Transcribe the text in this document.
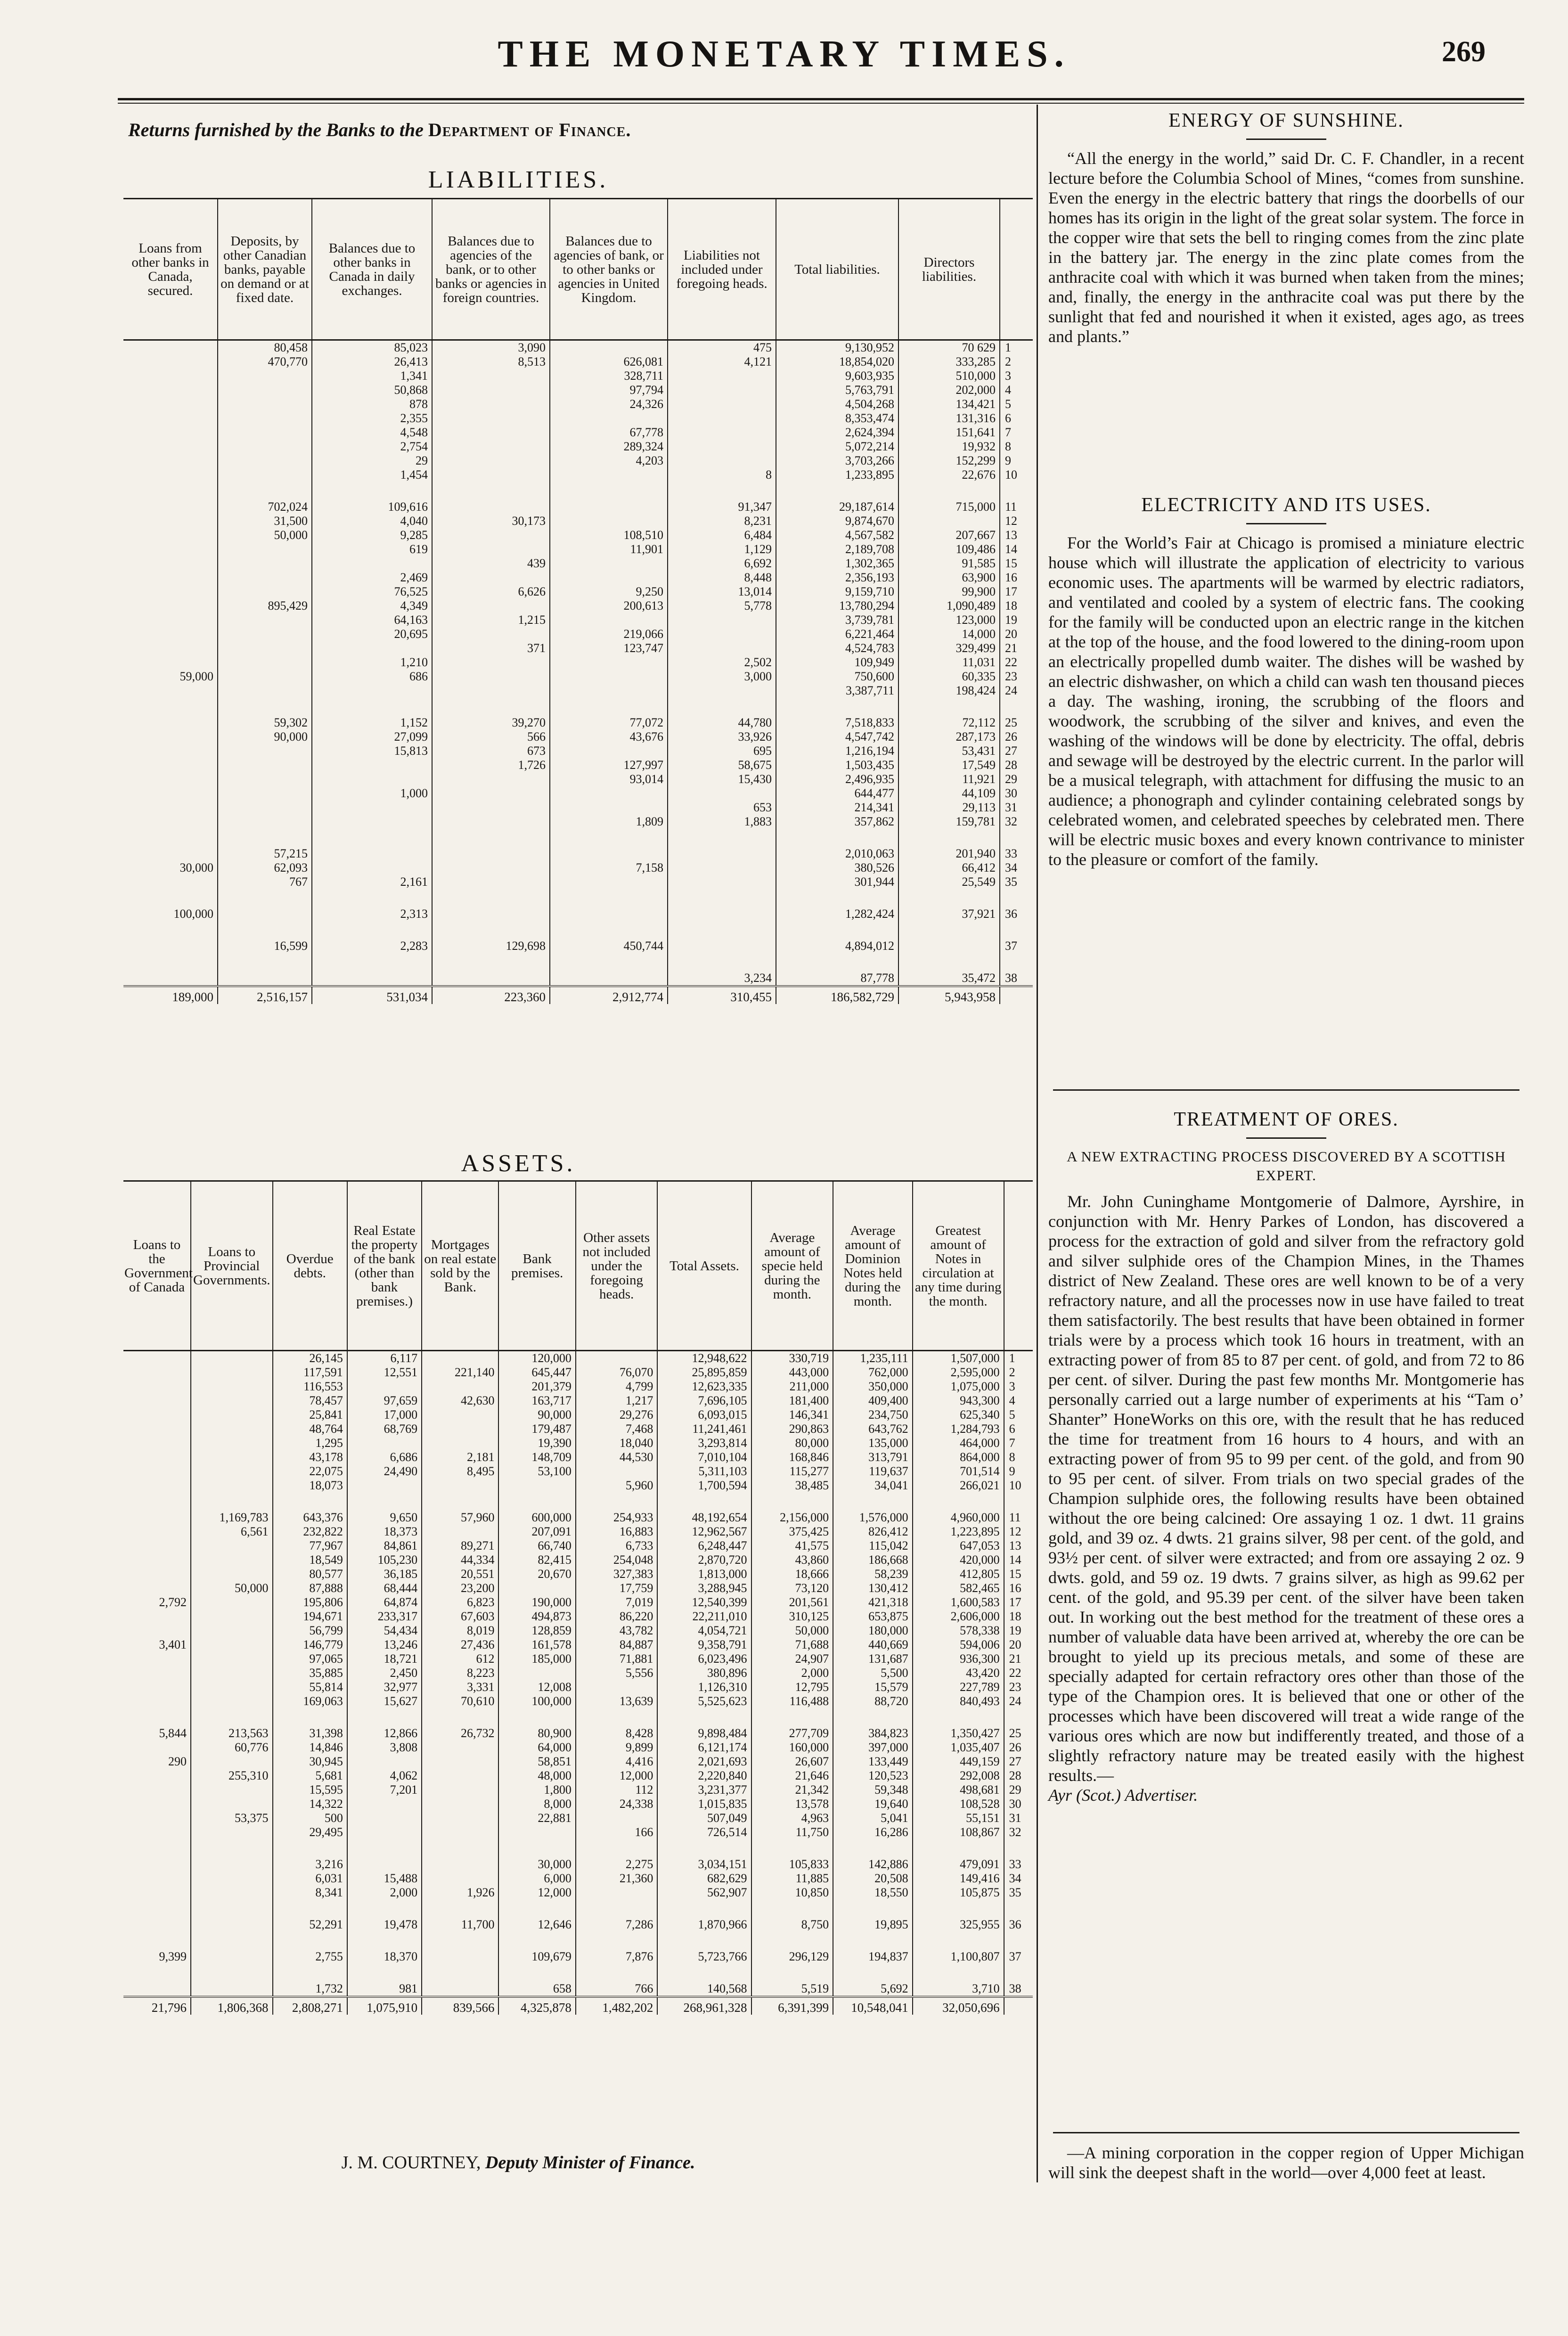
THE MONETARY TIMES.	269
Returns furnished by the Banks to the Department of Finance.
LIABILITIES.
Loans from other banks in Canada, secured.	Deposits, by other Canadian banks, payable on demand or at fixed date.	Balances due to other banks in Canada in daily exchanges.	Balances due to agencies of the bank, or to other banks or agencies in foreign countries.	Balances due to agencies of bank, or to other banks or agencies in United Kingdom.	Liabilities not included under foregoing heads.	Total liabilities.	Directors liabilities.	
	80,458	85,023	3,090		475	9,130,952	70 629	1
	470,770	26,413	8,513	626,081	4,121	18,854,020	333,285	2
		1,341		328,711		9,603,935	510,000	3
		50,868		97,794		5,763,791	202,000	4
		878		24,326		4,504,268	134,421	5
		2,355				8,353,474	131,316	6
		4,548		67,778		2,624,394	151,641	7
		2,754		289,324		5,072,214	19,932	8
		29		4,203		3,703,266	152,299	9
		1,454			8	1,233,895	22,676	10

	702,024	109,616			91,347	29,187,614	715,000	11
	31,500	4,040	30,173		8,231	9,874,670		12
	50,000	9,285		108,510	6,484	4,567,582	207,667	13
		619		11,901	1,129	2,189,708	109,486	14
			439		6,692	1,302,365	91,585	15
		2,469			8,448	2,356,193	63,900	16
		76,525	6,626	9,250	13,014	9,159,710	99,900	17
	895,429	4,349		200,613	5,778	13,780,294	1,090,489	18
		64,163	1,215			3,739,781	123,000	19
		20,695		219,066		6,221,464	14,000	20
			371	123,747		4,524,783	329,499	21
		1,210			2,502	109,949	11,031	22
59,000		686			3,000	750,600	60,335	23
						3,387,711	198,424	24

	59,302	1,152	39,270	77,072	44,780	7,518,833	72,112	25
	90,000	27,099	566	43,676	33,926	4,547,742	287,173	26
		15,813	673		695	1,216,194	53,431	27
			1,726	127,997	58,675	1,503,435	17,549	28
				93,014	15,430	2,496,935	11,921	29
		1,000				644,477	44,109	30
					653	214,341	29,113	31
				1,809	1,883	357,862	159,781	32

	57,215					2,010,063	201,940	33
30,000	62,093			7,158		380,526	66,412	34
	767	2,161				301,944	25,549	35

100,000		2,313				1,282,424	37,921	36

	16,599	2,283	129,698	450,744		4,894,012		37

					3,234	87,778	35,472	38
189,000	2,516,157	531,034	223,360	2,912,774	310,455	186,582,729	5,943,958	
ASSETS.
Loans to the Government of Canada	Loans to Provincial Governments.	Overdue debts.	Real Estate the property of the bank (other than bank premises.)	Mortgages on real estate sold by the Bank.	Bank premises.	Other assets not included under the foregoing heads.	Total Assets.	Average amount of specie held during the month.	Average amount of Dominion Notes held during the month.	Greatest amount of Notes in circulation at any time during the month.	
		26,145	6,117		120,000		12,948,622	330,719	1,235,111	1,507,000	1
		117,591	12,551	221,140	645,447	76,070	25,895,859	443,000	762,000	2,595,000	2
		116,553			201,379	4,799	12,623,335	211,000	350,000	1,075,000	3
		78,457	97,659	42,630	163,717	1,217	7,696,105	181,400	409,400	943,300	4
		25,841	17,000		90,000	29,276	6,093,015	146,341	234,750	625,340	5
		48,764	68,769		179,487	7,468	11,241,461	290,863	643,762	1,284,793	6
		1,295			19,390	18,040	3,293,814	80,000	135,000	464,000	7
		43,178	6,686	2,181	148,709	44,530	7,010,104	168,846	313,791	864,000	8
		22,075	24,490	8,495	53,100		5,311,103	115,277	119,637	701,514	9
		18,073				5,960	1,700,594	38,485	34,041	266,021	10

	1,169,783	643,376	9,650	57,960	600,000	254,933	48,192,654	2,156,000	1,576,000	4,960,000	11
	6,561	232,822	18,373		207,091	16,883	12,962,567	375,425	826,412	1,223,895	12
		77,967	84,861	89,271	66,740	6,733	6,248,447	41,575	115,042	647,053	13
		18,549	105,230	44,334	82,415	254,048	2,870,720	43,860	186,668	420,000	14
		80,577	36,185	20,551	20,670	327,383	1,813,000	18,666	58,239	412,805	15
	50,000	87,888	68,444	23,200		17,759	3,288,945	73,120	130,412	582,465	16
2,792		195,806	64,874	6,823	190,000	7,019	12,540,399	201,561	421,318	1,600,583	17
		194,671	233,317	67,603	494,873	86,220	22,211,010	310,125	653,875	2,606,000	18
		56,799	54,434	8,019	128,859	43,782	4,054,721	50,000	180,000	578,338	19
3,401		146,779	13,246	27,436	161,578	84,887	9,358,791	71,688	440,669	594,006	20
		97,065	18,721	612	185,000	71,881	6,023,496	24,907	131,687	936,300	21
		35,885	2,450	8,223		5,556	380,896	2,000	5,500	43,420	22
		55,814	32,977	3,331	12,008		1,126,310	12,795	15,579	227,789	23
		169,063	15,627	70,610	100,000	13,639	5,525,623	116,488	88,720	840,493	24

5,844	213,563	31,398	12,866	26,732	80,900	8,428	9,898,484	277,709	384,823	1,350,427	25
	60,776	14,846	3,808		64,000	9,899	6,121,174	160,000	397,000	1,035,407	26
290		30,945			58,851	4,416	2,021,693	26,607	133,449	449,159	27
	255,310	5,681	4,062		48,000	12,000	2,220,840	21,646	120,523	292,008	28
		15,595	7,201		1,800	112	3,231,377	21,342	59,348	498,681	29
		14,322			8,000	24,338	1,015,835	13,578	19,640	108,528	30
	53,375	500			22,881		507,049	4,963	5,041	55,151	31
		29,495				166	726,514	11,750	16,286	108,867	32

		3,216			30,000	2,275	3,034,151	105,833	142,886	479,091	33
		6,031	15,488		6,000	21,360	682,629	11,885	20,508	149,416	34
		8,341	2,000	1,926	12,000		562,907	10,850	18,550	105,875	35

		52,291	19,478	11,700	12,646	7,286	1,870,966	8,750	19,895	325,955	36

9,399		2,755	18,370		109,679	7,876	5,723,766	296,129	194,837	1,100,807	37

		1,732	981		658	766	140,568	5,519	5,692	3,710	38
21,796	1,806,368	2,808,271	1,075,910	839,566	4,325,878	1,482,202	268,961,328	6,391,399	10,548,041	32,050,696	
J. M. COURTNEY, Deputy Minister of Finance.
ENERGY OF SUNSHINE.

“All the energy in the world,” said Dr. C. F. Chandler, in a recent lecture before the Columbia School of Mines, “comes from sunshine. Even the energy in the electric battery that rings the doorbells of our homes has its origin in the light of the great solar system. The force in the copper wire that sets the bell to ringing comes from the zinc plate in the battery jar. The energy in the zinc plate comes from the anthracite coal with which it was burned when taken from the mines; and, finally, the energy in the anthracite coal was put there by the sunlight that fed and nourished it when it existed, ages ago, as trees and plants.”

ELECTRICITY AND ITS USES.

For the World’s Fair at Chicago is promised a miniature electric house which will illustrate the application of electricity to various economic uses. The apartments will be warmed by electric radiators, and ventilated and cooled by a system of electric fans. The cooking for the family will be conducted upon an electric range in the kitchen at the top of the house, and the food lowered to the dining-room upon an electrically propelled dumb waiter. The dishes will be washed by an electric dishwasher, on which a child can wash ten thousand pieces a day. The washing, ironing, the scrubbing of the floors and woodwork, the scrubbing of the silver and knives, and even the washing of the windows will be done by electricity. The offal, debris and sewage will be destroyed by the electric current. In the parlor will be a musical telegraph, with attachment for diffusing the music to an audience; a phonograph and cylinder containing celebrated songs by celebrated women, and celebrated speeches by celebrated men. There will be electric music boxes and every known contrivance to minister to the pleasure or comfort of the family.

TREATMENT OF ORES.

A NEW EXTRACTING PROCESS DISCOVERED BY A SCOTTISH EXPERT.

Mr. John Cuninghame Montgomerie of Dalmore, Ayrshire, in conjunction with Mr. Henry Parkes of London, has discovered a process for the extraction of gold and silver from the refractory gold and silver sulphide ores of the Champion Mines, in the Thames district of New Zealand. These ores are well known to be of a very refractory nature, and all the processes now in use have failed to treat them satisfactorily. The best results that have been obtained in former trials were by a process which took 16 hours in treatment, with an extracting power of from 85 to 87 per cent. of gold, and from 72 to 86 per cent. of silver. During the past few months Mr. Montgomerie has personally carried out a large number of experiments at his “Tam o’ Shanter” HoneWorks on this ore, with the result that he has reduced the time for treatment from 16 hours to 4 hours, and with an extracting power of from 95 to 99 per cent. of the gold, and from 90 to 95 per cent. of silver. From trials on two special grades of the Champion sulphide ores, the following results have been obtained without the ore being calcined: Ore assaying 1 oz. 1 dwt. 11 grains gold, and 39 oz. 4 dwts. 21 grains silver, 98 per cent. of the gold, and 93½ per cent. of silver were extracted; and from ore assaying 2 oz. 9 dwts. gold, and 59 oz. 19 dwts. 7 grains silver, as high as 99.62 per cent. of the gold, and 95.39 per cent. of the silver have been taken out. In working out the best method for the treatment of these ores a number of valuable data have been arrived at, whereby the ore can be brought to yield up its precious metals, and some of these are specially adapted for certain refractory ores other than those of the type of the Champion ores. It is believed that one or other of the processes which have been discovered will treat a wide range of the various ores which are now but indifferently treated, and those of a slightly refractory nature may be treated easily with the highest results.—

Ayr (Scot.) Advertiser.

—A mining corporation in the copper region of Upper Michigan will sink the deepest shaft in the world—over 4,000 feet at least.
